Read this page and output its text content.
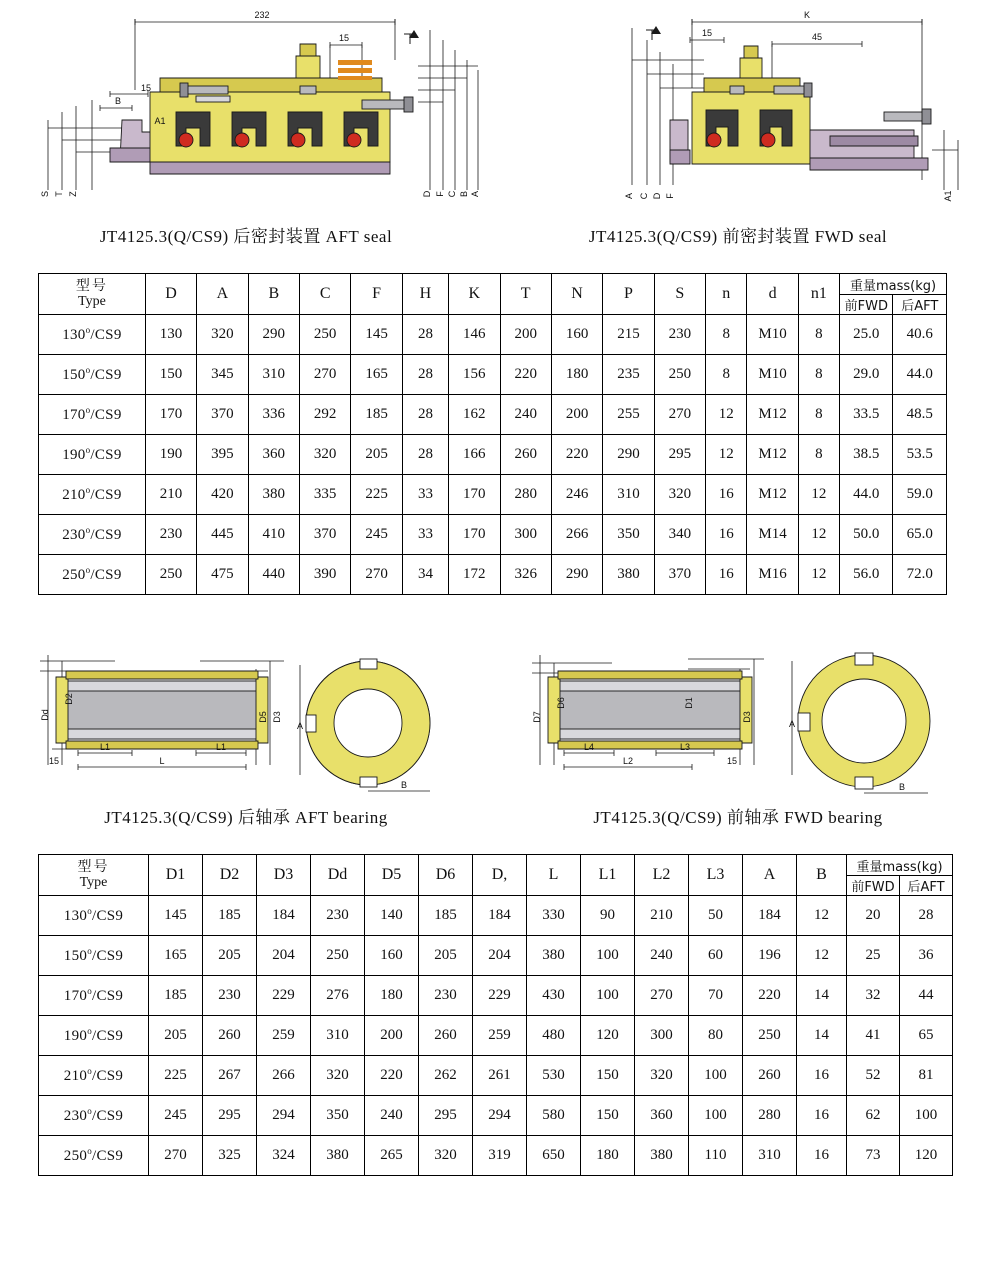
232
15
15
B
A1
S T Z	D F C B A
JT4125.3(Q/CS9) 后密封装置 AFT seal
K
45
15
A C D F	A1
JT4125.3(Q/CS9) 前密封装置 FWD seal
型号
Type	D	A	B	C	F	H	K	T	N	P	S	n	d	n1	重量mass(kg)	
															前FWD	后AFT
130$^o$/CS9	130	320	290	250	145	28	146	200	160	215	230	8	M10	8	25.0	40.6
150$^o$/CS9	150	345	310	270	165	28	156	220	180	235	250	8	M10	8	29.0	44.0
170$^o$/CS9	170	370	336	292	185	28	162	240	200	255	270	12	M12	8	33.5	48.5
190$^o$/CS9	190	395	360	320	205	28	166	260	220	290	295	12	M12	8	38.5	53.5
210$^o$/CS9	210	420	380	335	225	33	170	280	246	310	320	16	M12	12	44.0	59.0
230$^o$/CS9	230	445	410	370	245	33	170	300	266	350	340	16	M14	12	50.0	65.0
250$^o$/CS9	250	475	440	390	270	34	172	326	290	380	370	16	M16	12	56.0	72.0
Dd
D2
D5 D3
L1	L1
L
15
A
B
JT4125.3(Q/CS9) 后轴承 AFT bearing
D7
D6	D1
D3
L4	L3
L2	15
A
B
JT4125.3(Q/CS9) 前轴承 FWD bearing
型号
Type	D1	D2	D3	Dd	D5	D6	D,	L	L1	L2	L3	A	B	重量mass(kg)	
														前FWD	后AFT
130$^o$/CS9	145	185	184	230	140	185	184	330	90	210	50	184	12	20	28
150$^o$/CS9	165	205	204	250	160	205	204	380	100	240	60	196	12	25	36
170$^o$/CS9	185	230	229	276	180	230	229	430	100	270	70	220	14	32	44
190$^o$/CS9	205	260	259	310	200	260	259	480	120	300	80	250	14	41	65
210$^o$/CS9	225	267	266	320	220	262	261	530	150	320	100	260	16	52	81
230$^o$/CS9	245	295	294	350	240	295	294	580	150	360	100	280	16	62	100
250$^o$/CS9	270	325	324	380	265	320	319	650	180	380	110	310	16	73	120
